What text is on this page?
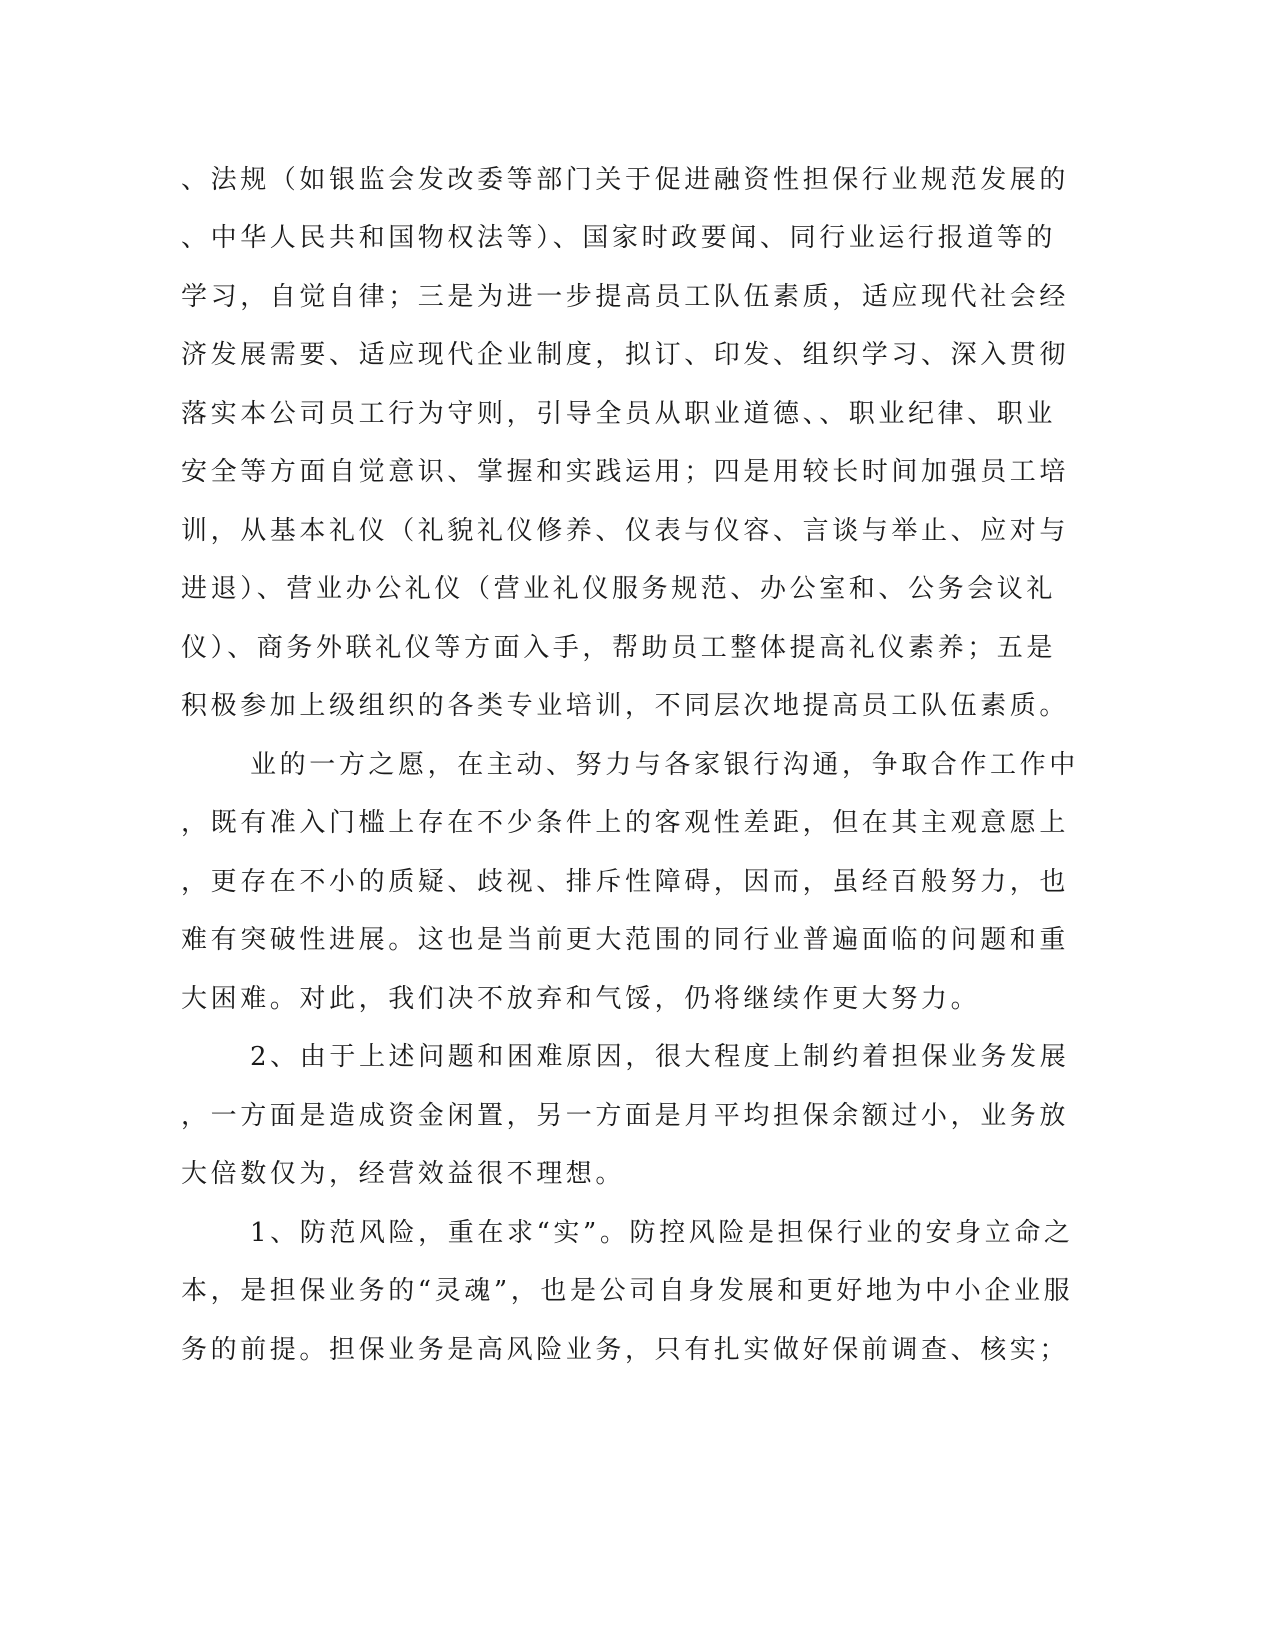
、法规（如银监会发改委等部门关于促进融资性担保行业规范发展的
、中华人民共和国物权法等）、国家时政要闻、同行业运行报道等的
学习，自觉自律；三是为进一步提高员工队伍素质，适应现代社会经
济发展需要、适应现代企业制度，拟订、印发、组织学习、深入贯彻
落实本公司员工行为守则，引导全员从职业道德、、职业纪律、职业
安全等方面自觉意识、掌握和实践运用；四是用较长时间加强员工培
训，从基本礼仪（礼貌礼仪修养、仪表与仪容、言谈与举止、应对与
进退）、营业办公礼仪（营业礼仪服务规范、办公室和、公务会议礼
仪）、商务外联礼仪等方面入手，帮助员工整体提高礼仪素养；五是
积极参加上级组织的各类专业培训，不同层次地提高员工队伍素质。
业的一方之愿，在主动、努力与各家银行沟通，争取合作工作中
，既有准入门槛上存在不少条件上的客观性差距，但在其主观意愿上
，更存在不小的质疑、歧视、排斥性障碍，因而，虽经百般努力，也
难有突破性进展。这也是当前更大范围的同行业普遍面临的问题和重
大困难。对此，我们决不放弃和气馁，仍将继续作更大努力。
2、由于上述问题和困难原因，很大程度上制约着担保业务发展
，一方面是造成资金闲置，另一方面是月平均担保余额过小，业务放
大倍数仅为，经营效益很不理想。
1、防范风险，重在求“实”。防控风险是担保行业的安身立命之
本，是担保业务的“灵魂”，也是公司自身发展和更好地为中小企业服
务的前提。担保业务是高风险业务，只有扎实做好保前调查、核实；
